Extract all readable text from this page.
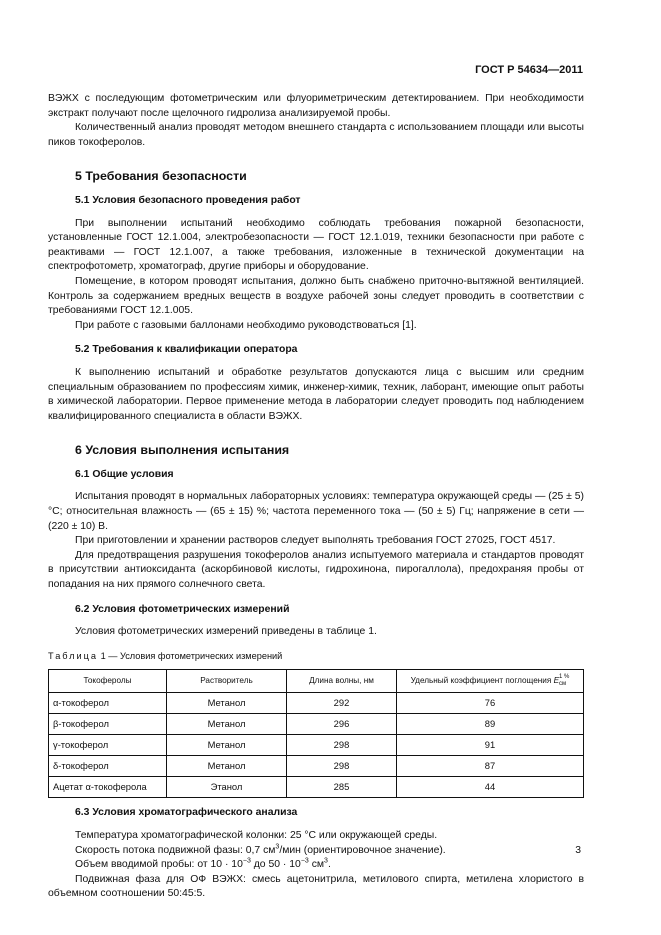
ГОСТ Р 54634—2011

ВЭЖХ с последующим фотометрическим или флуориметрическим детектированием. При необходимости экстракт получают после щелочного гидролиза анализируемой пробы.

Количественный анализ проводят методом внешнего стандарта с использованием площади или высоты пиков токоферолов.

5 Требования безопасности
5.1 Условия безопасного проведения работ

При выполнении испытаний необходимо соблюдать требования пожарной безопасности, установленные ГОСТ 12.1.004, электробезопасности — ГОСТ 12.1.019, техники безопасности при работе с реактивами — ГОСТ 12.1.007, а также требования, изложенные в технической документации на спектрофотометр, хроматограф, другие приборы и оборудование.

Помещение, в котором проводят испытания, должно быть снабжено приточно-вытяжной вентиляцией. Контроль за содержанием вредных веществ в воздухе рабочей зоны следует проводить в соответствии с требованиями ГОСТ 12.1.005.

При работе с газовыми баллонами необходимо руководствоваться [1].

5.2 Требования к квалификации оператора

К выполнению испытаний и обработке результатов допускаются лица с высшим или средним специальным образованием по профессиям химик, инженер-химик, техник, лаборант, имеющие опыт работы в химической лаборатории. Первое применение метода в лаборатории следует проводить под наблюдением квалифицированного специалиста в области ВЭЖХ.

6 Условия выполнения испытания
6.1 Общие условия

Испытания проводят в нормальных лабораторных условиях: температура окружающей среды — (25 ± 5) °С; относительная влажность — (65 ± 15) %; частота переменного тока — (50 ± 5) Гц; напряжение в сети — (220 ± 10) В.

При приготовлении и хранении растворов следует выполнять требования ГОСТ 27025, ГОСТ 4517.

Для предотвращения разрушения токоферолов анализ испытуемого материала и стандартов проводят в присутствии антиоксиданта (аскорбиновой кислоты, гидрохинона, пирогаллола), предохраняя пробы от попадания на них прямого солнечного света.

6.2 Условия фотометрических измерений

Условия фотометрических измерений приведены в таблице 1.

Таблица 1 — Условия фотометрических измерений
Токоферолы	Растворитель	Длина волны, нм	Удельный коэффициент поглощения E1 %
см
α-токоферол	Метанол	292	76
β-токоферол	Метанол	296	89
γ-токоферол	Метанол	298	91
δ-токоферол	Метанол	298	87
Ацетат α-токоферола	Этанол	285	44
6.3 Условия хроматографического анализа

Температура хроматографической колонки: 25 °С или окружающей среды.

Скорость потока подвижной фазы: 0,7 $см^3$/мин (ориентировочное значение).

Объем вводимой пробы: от $10 \cdot 10^{-3}$ до $50 \cdot 10^{-3}$ $см^3$.

Подвижная фаза для ОФ ВЭЖХ: смесь ацетонитрила, метилового спирта, метилена хлористого в объемном соотношении 50:45:5.

3
